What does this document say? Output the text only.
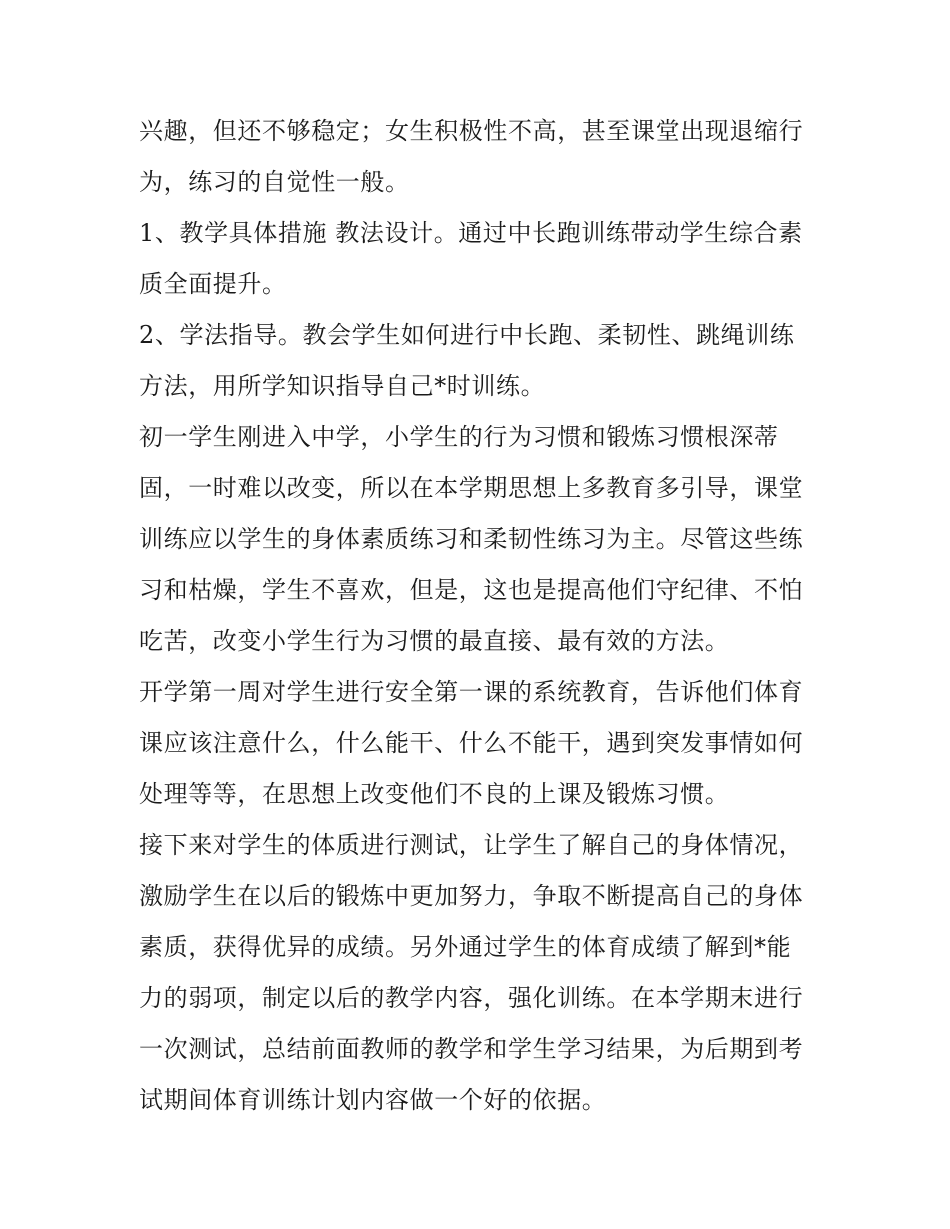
兴趣，但还不够稳定；女生积极性不高，甚至课堂出现退缩行
为，练习的自觉性一般。
1、教学具体措施 教法设计。通过中长跑训练带动学生综合素
质全面提升。
2、学法指导。教会学生如何进行中长跑、柔韧性、跳绳训练
方法，用所学知识指导自己*时训练。
初一学生刚进入中学，小学生的行为习惯和锻炼习惯根深蒂
固，一时难以改变，所以在本学期思想上多教育多引导，课堂
训练应以学生的身体素质练习和柔韧性练习为主。尽管这些练
习和枯燥，学生不喜欢，但是，这也是提高他们守纪律、不怕
吃苦，改变小学生行为习惯的最直接、最有效的方法。
开学第一周对学生进行安全第一课的系统教育，告诉他们体育
课应该注意什么，什么能干、什么不能干，遇到突发事情如何
处理等等，在思想上改变他们不良的上课及锻炼习惯。
接下来对学生的体质进行测试，让学生了解自己的身体情况，
激励学生在以后的锻炼中更加努力，争取不断提高自己的身体
素质，获得优异的成绩。另外通过学生的体育成绩了解到*能
力的弱项，制定以后的教学内容，强化训练。在本学期末进行
一次测试，总结前面教师的教学和学生学习结果，为后期到考
试期间体育训练计划内容做一个好的依据。
